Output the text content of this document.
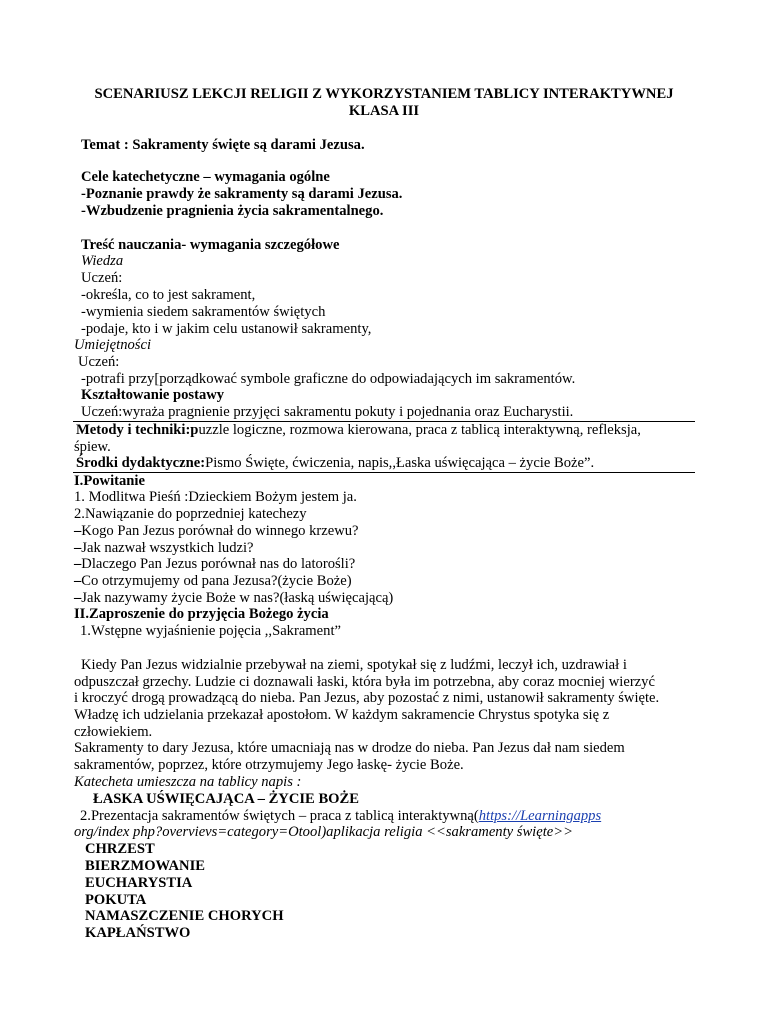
SCENARIUSZ LEKCJI RELIGII Z WYKORZYSTANIEM TABLICY INTERAKTYWNEJ
KLASA III
Temat : Sakramenty święte są darami Jezusa.
Cele katechetyczne – wymagania ogólne
-Poznanie prawdy że sakramenty są darami Jezusa.
-Wzbudzenie pragnienia życia sakramentalnego.
Treść nauczania- wymagania szczegółowe
Wiedza
Uczeń:
-określa, co to jest sakrament,
-wymienia siedem sakramentów świętych
-podaje, kto i w jakim celu ustanowił sakramenty,
Umiejętności
Uczeń:
-potrafi przy[porządkować symbole graficzne do odpowiadających im sakramentów.
Kształtowanie postawy
Uczeń:wyraża pragnienie przyjęci sakramentu pokuty i pojednania oraz Eucharystii.
Metody i techniki:puzzle logiczne, rozmowa kierowana, praca z tablicą interaktywną, refleksja,
śpiew.
Środki dydaktyczne:Pismo Święte, ćwiczenia, napis,,Łaska uświęcająca – życie Boże”.
I.Powitanie
1. Modlitwa Pieśń :Dzieckiem Bożym jestem ja.
2.Nawiązanie do poprzedniej katechezy
–Kogo Pan Jezus porównał do winnego krzewu?
–Jak nazwał wszystkich ludzi?
–Dlaczego Pan Jezus porównał nas do latorośli?
–Co otrzymujemy od pana Jezusa?(życie Boże)
–Jak nazywamy życie Boże w nas?(łaską uświęcającą)
II.Zaproszenie do przyjęcia Bożego życia
1.Wstępne wyjaśnienie pojęcia ,,Sakrament”
Kiedy Pan Jezus widzialnie przebywał na ziemi, spotykał się z ludźmi, leczył ich, uzdrawiał i
odpuszczał grzechy. Ludzie ci doznawali łaski, która była im potrzebna, aby coraz mocniej wierzyć
i kroczyć drogą prowadzącą do nieba. Pan Jezus, aby pozostać z nimi, ustanowił sakramenty święte.
Władzę ich udzielania przekazał apostołom. W każdym sakramencie Chrystus spotyka się z
człowiekiem.
Sakramenty to dary Jezusa, które umacniają nas w drodze do nieba. Pan Jezus dał nam siedem
sakramentów, poprzez, które otrzymujemy Jego łaskę- życie Boże.
Katecheta umieszcza na tablicy napis :
ŁASKA UŚWIĘCAJĄCA – ŻYCIE BOŻE
2.Prezentacja sakramentów świętych – praca z tablicą interaktywną(https://Learningapps
org/index php?overvievs=category=Otool)aplikacja religia <<sakramenty święte>>
CHRZEST
BIERZMOWANIE
EUCHARYSTIA
POKUTA
NAMASZCZENIE CHORYCH
KAPŁAŃSTWO
